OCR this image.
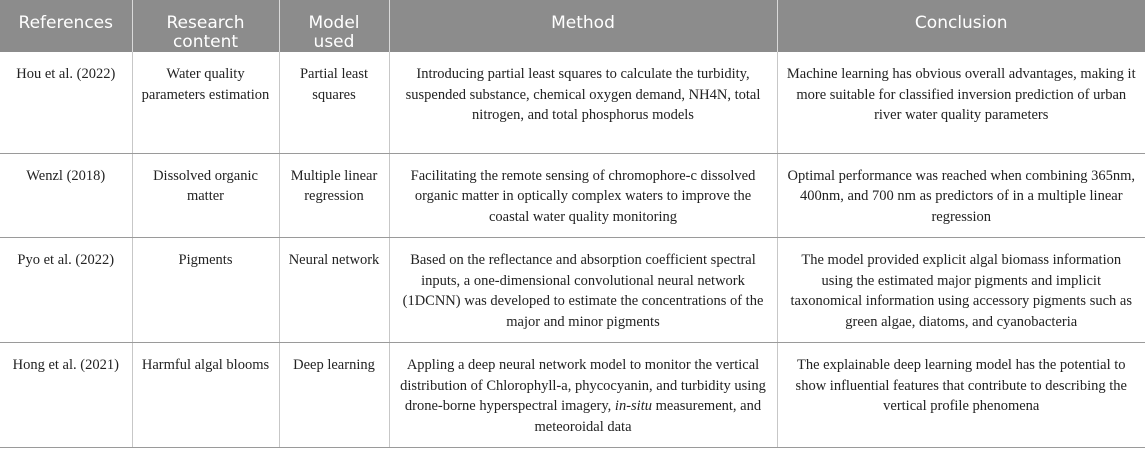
References	Research content	Model used	Method	Conclusion
Hou et al. (2022)	Water quality parameters estimation	Partial least squares	Introducing partial least squares to calculate the turbidity, suspended substance, chemical oxygen demand, NH4N, total nitrogen, and total phosphorus models	Machine learning has obvious overall advantages, making it more suitable for classified inversion prediction of urban river water quality parameters
Wenzl (2018)	Dissolved organic matter	Multiple linear regression	Facilitating the remote sensing of chromophore-c dissolved organic matter in optically complex waters to improve the coastal water quality monitoring	Optimal performance was reached when combining 365nm, 400nm, and 700 nm as predictors of in a multiple linear regression
Pyo et al. (2022)	Pigments	Neural network	Based on the reflectance and absorption coefficient spectral inputs, a one-dimensional convolutional neural network (1DCNN) was developed to estimate the concentrations of the major and minor pigments	The model provided explicit algal biomass information using the estimated major pigments and implicit taxonomical information using accessory pigments such as green algae, diatoms, and cyanobacteria
Hong et al. (2021)	Harmful algal blooms	Deep learning	Appling a deep neural network model to monitor the vertical distribution of Chlorophyll-a, phycocyanin, and turbidity using drone-borne hyperspectral imagery, in-situ measurement, and meteoroidal data	The explainable deep learning model has the potential to show influential features that contribute to describing the vertical profile phenomena
